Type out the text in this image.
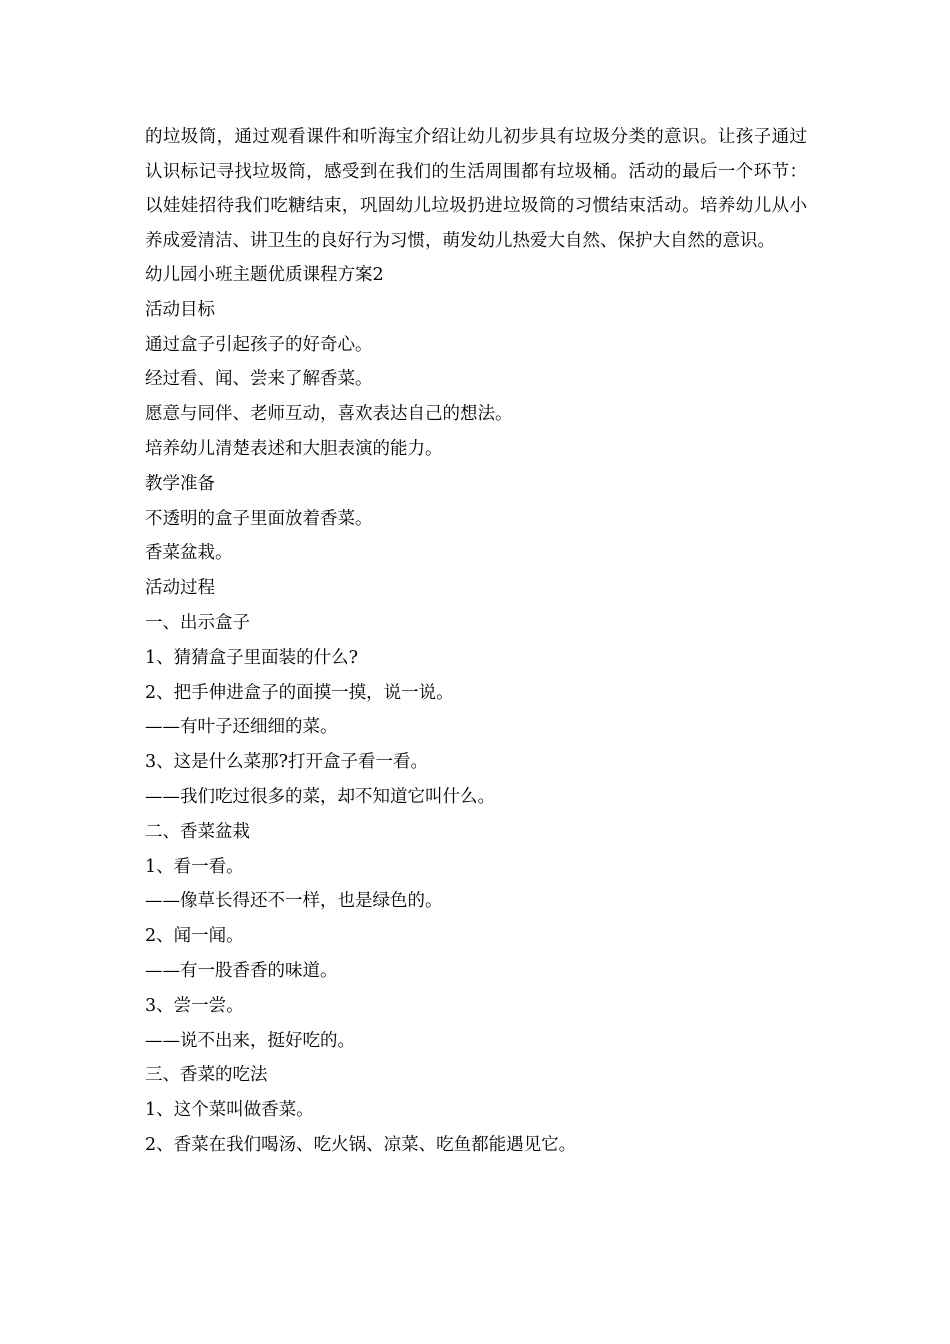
的垃圾筒，通过观看课件和听海宝介绍让幼儿初步具有垃圾分类的意识。让孩子通过认识标记寻找垃圾筒，感受到在我们的生活周围都有垃圾桶。活动的最后一个环节：以娃娃招待我们吃糖结束，巩固幼儿垃圾扔进垃圾筒的习惯结束活动。培养幼儿从小养成爱清洁、讲卫生的良好行为习惯，萌发幼儿热爱大自然、保护大自然的意识。

幼儿园小班主题优质课程方案2

活动目标

通过盒子引起孩子的好奇心。

经过看、闻、尝来了解香菜。

愿意与同伴、老师互动，喜欢表达自己的想法。

培养幼儿清楚表述和大胆表演的能力。

教学准备

不透明的盒子里面放着香菜。

香菜盆栽。

活动过程

一、出示盒子

1、猜猜盒子里面装的什么?

2、把手伸进盒子的面摸一摸，说一说。

——有叶子还细细的菜。

3、这是什么菜那?打开盒子看一看。

——我们吃过很多的菜，却不知道它叫什么。

二、香菜盆栽

1、看一看。

——像草长得还不一样，也是绿色的。

2、闻一闻。

——有一股香香的味道。

3、尝一尝。

——说不出来，挺好吃的。

三、香菜的吃法

1、这个菜叫做香菜。

2、香菜在我们喝汤、吃火锅、凉菜、吃鱼都能遇见它。
